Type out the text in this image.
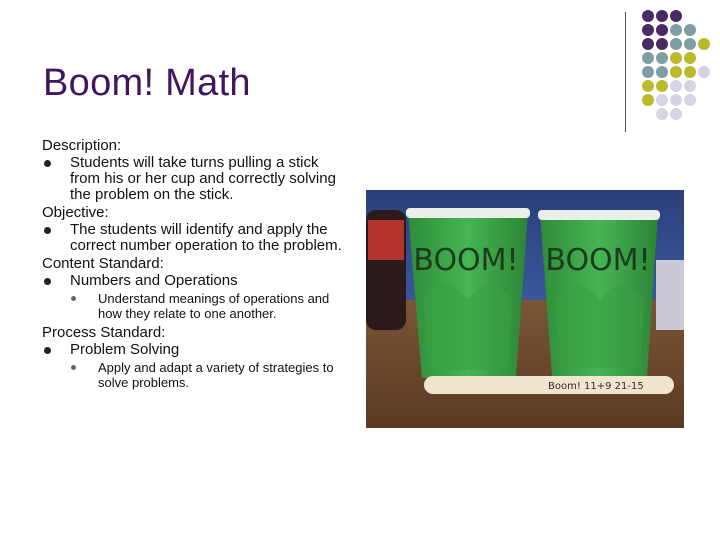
Boom! Math
Description:
Students will take turns pulling a stick from his or her cup and correctly solving the problem on the stick.
Objective:
The students will identify and apply the correct number operation to the problem.
Content Standard:
Numbers and Operations
Understand meanings of operations and how they relate to one another.
Process Standard:
Problem Solving
Apply and adapt a variety of strategies to solve problems.
BOOM! BOOM!
Boom! 11+9 21-15
